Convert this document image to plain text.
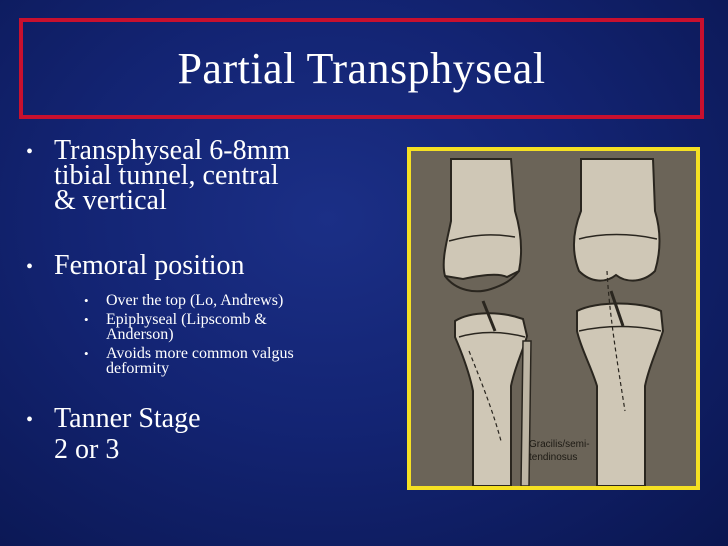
Partial Transphyseal
• Transphyseal 6-8mm
tibial tunnel, central
& vertical
• Femoral position
•	Over the top (Lo, Andrews)
•	Epiphyseal (Lipscomb &
Anderson)
•	Avoids more common valgus
deformity
• Tanner Stage
2 or 3	Gracilis/semi-
tendinosus
